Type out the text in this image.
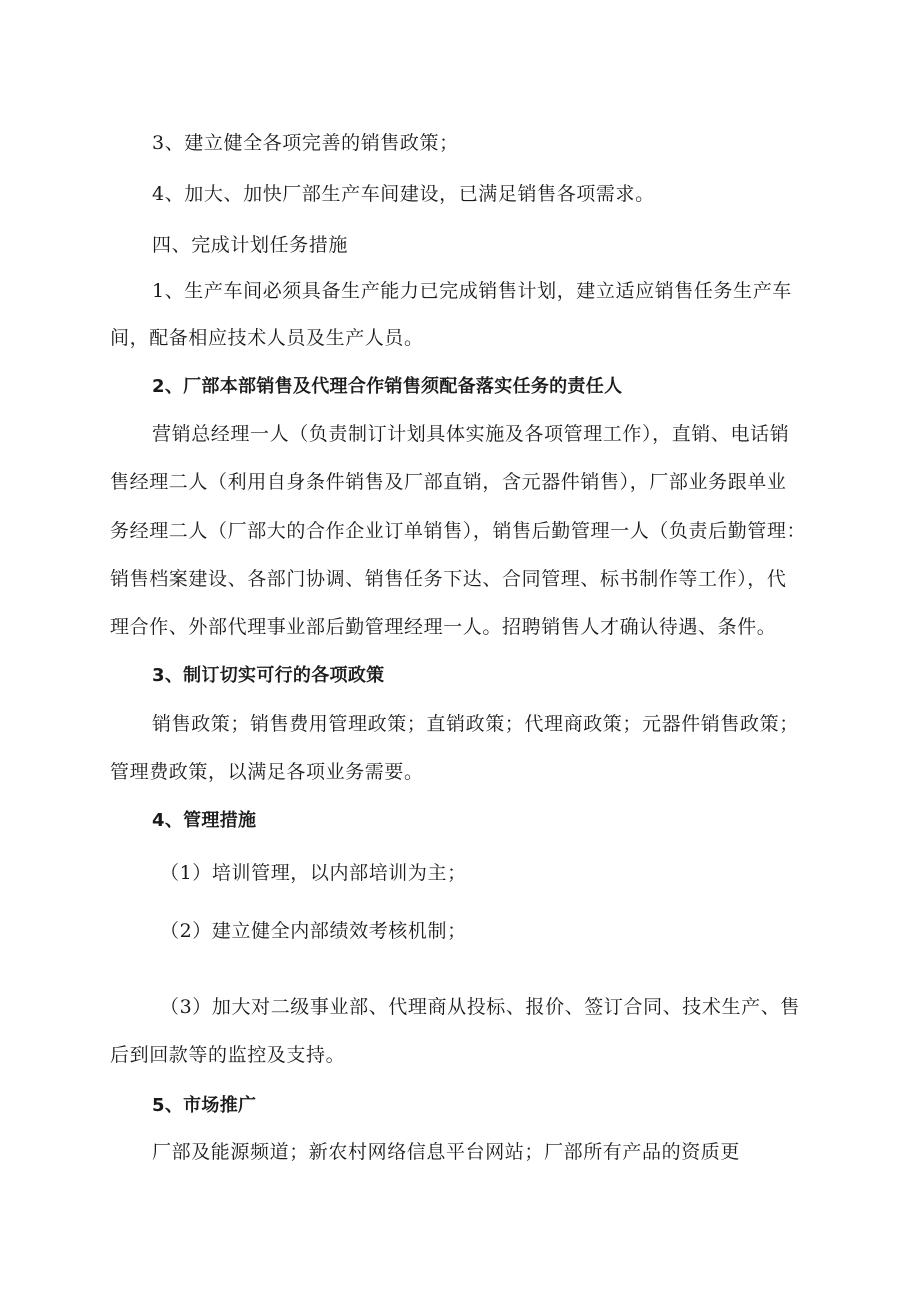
3、建立健全各项完善的销售政策；
4、加大、加快厂部生产车间建设，已满足销售各项需求。
四、完成计划任务措施
1、生产车间必须具备生产能力已完成销售计划，建立适应销售任务生产车
间，配备相应技术人员及生产人员。
2、厂部本部销售及代理合作销售须配备落实任务的责任人
营销总经理一人（负责制订计划具体实施及各项管理工作），直销、电话销
售经理二人（利用自身条件销售及厂部直销，含元器件销售），厂部业务跟单业
务经理二人（厂部大的合作企业订单销售），销售后勤管理一人（负责后勤管理：
销售档案建设、各部门协调、销售任务下达、合同管理、标书制作等工作），代
理合作、外部代理事业部后勤管理经理一人。招聘销售人才确认待遇、条件。
3、制订切实可行的各项政策
销售政策；销售费用管理政策；直销政策；代理商政策；元器件销售政策；
管理费政策，以满足各项业务需要。
4、管理措施
（1）培训管理，以内部培训为主；
（2）建立健全内部绩效考核机制；
（3）加大对二级事业部、代理商从投标、报价、签订合同、技术生产、售
后到回款等的监控及支持。
5、市场推广
厂部及能源频道；新农村网络信息平台网站；厂部所有产品的资质更
